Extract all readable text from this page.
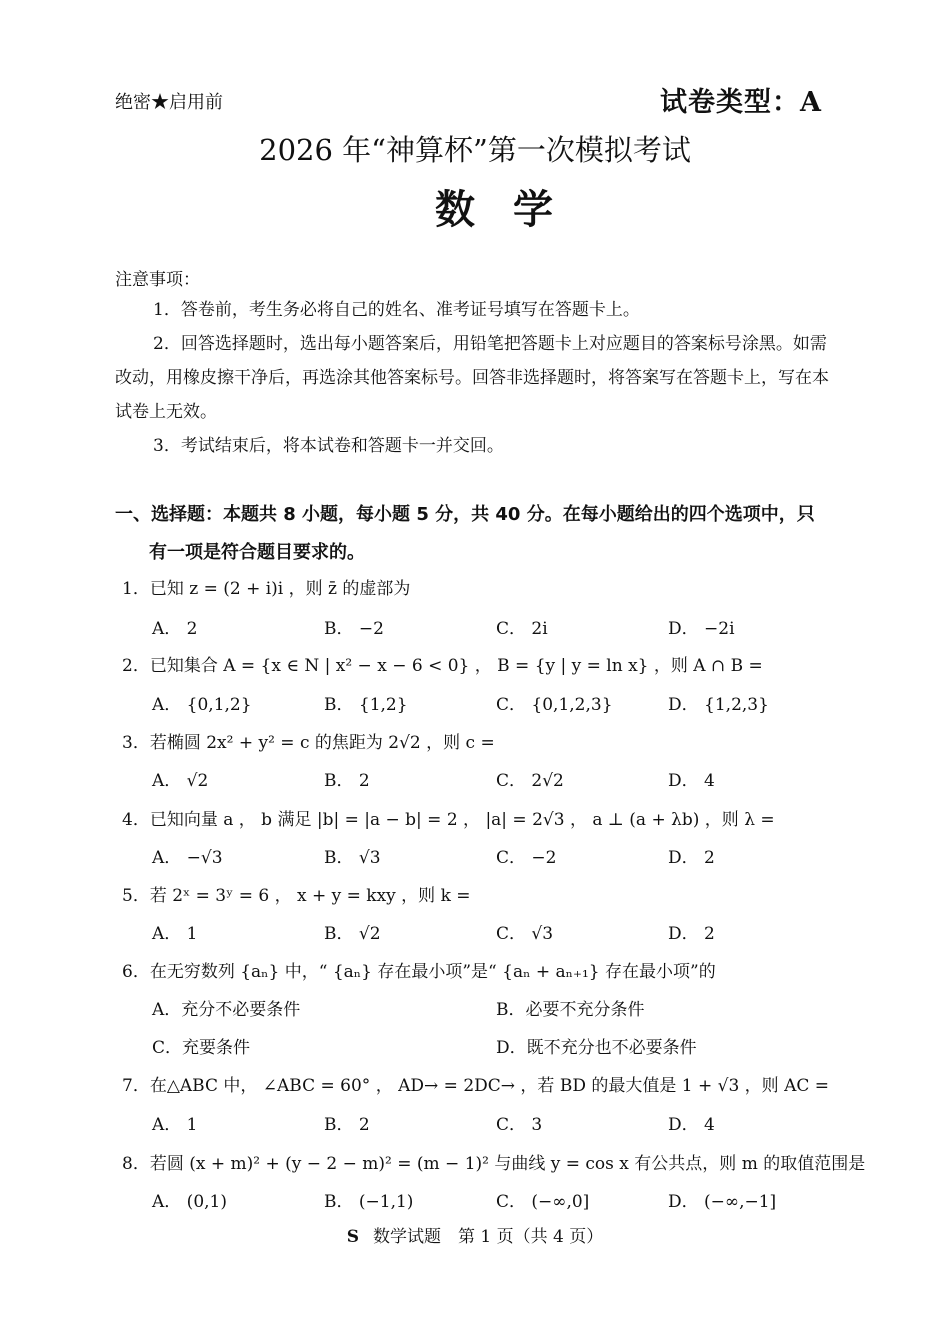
绝密★启用前	试卷类型：A
2026 年“神算杯”第一次模拟考试
数学
注意事项：
1．答卷前，考生务必将自己的姓名、准考证号填写在答题卡上。
2．回答选择题时，选出每小题答案后，用铅笔把答题卡上对应题目的答案标号涂黑。如需改动，用橡皮擦干净后，再选涂其他答案标号。回答非选择题时，将答案写在答题卡上，写在本试卷上无效。
3．考试结束后，将本试卷和答题卡一并交回。
一、选择题：本题共 8 小题，每小题 5 分，共 40 分。在每小题给出的四个选项中，只
有一项是符合题目要求的。
1．已知 z = (2 + i)i ，则 z̄ 的虚部为
A． 2	B． −2	C． 2i	D． −2i
2．已知集合 A = {x ∈ N | x² − x − 6 < 0} ， B = {y | y = ln x} ，则 A ∩ B =
A． {0,1,2}	B． {1,2}	C． {0,1,2,3}	D． {1,2,3}
3．若椭圆 2x² + y² = c 的焦距为 2√2 ，则 c =
A． √2	B． 2	C． 2√2	D． 4
4．已知向量 a ， b 满足 |b| = |a − b| = 2 ， |a| = 2√3 ， a ⊥ (a + λb) ，则 λ =
A． −√3	B． √3	C． −2	D． 2
5．若 2ˣ = 3ʸ = 6 ， x + y = kxy ，则 k =
A． 1	B． √2	C． √3	D． 2
6．在无穷数列 {aₙ} 中，“ {aₙ} 存在最小项”是“ {aₙ + aₙ₊₁} 存在最小项”的
A．充分不必要条件	B．必要不充分条件
C．充要条件	D．既不充分也不必要条件
7．在△ABC 中， ∠ABC = 60° ， AD→ = 2DC→ ，若 BD 的最大值是 1 + √3 ，则 AC =
A． 1	B． 2	C． 3	D． 4
8．若圆 (x + m)² + (y − 2 − m)² = (m − 1)² 与曲线 y = cos x 有公共点，则 m 的取值范围是
A． (0,1)	B． (−1,1)	C． (−∞,0]	D． (−∞,−1]
S 数学试题　第 1 页（共 4 页）
